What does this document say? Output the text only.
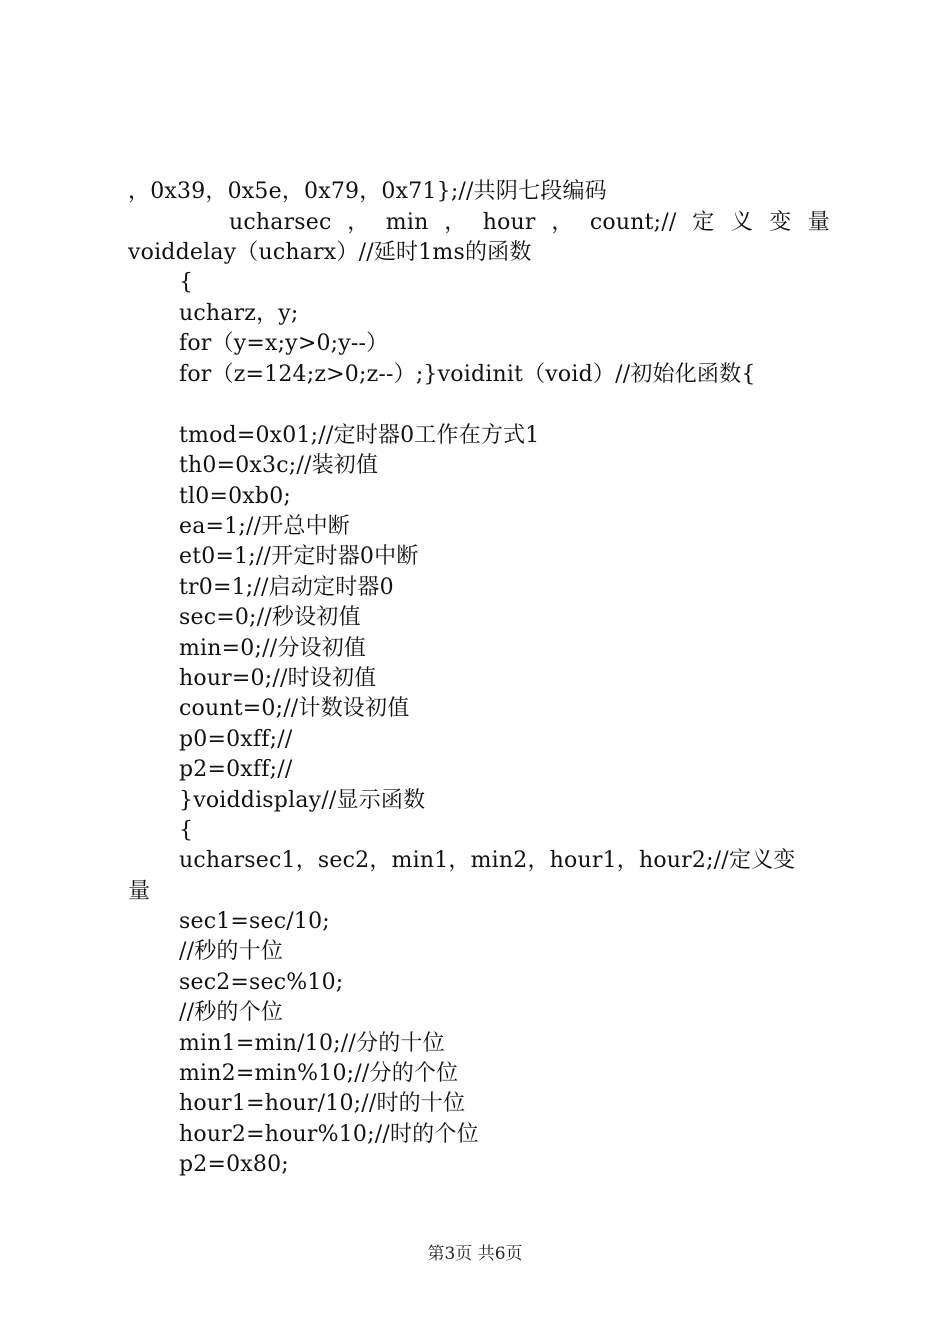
，0x39，0x5e，0x79，0x71};//共阴七段编码
ucharsec ， min ， hour ， count;// 定 义 变 量
voiddelay（ucharx）//延时1ms的函数
{
ucharz，y;
for（y=x;y>0;y--）
for（z=124;z>0;z--）;}voidinit（void）//初始化函数{
tmod=0x01;//定时器0工作在方式1
th0=0x3c;//装初值
tl0=0xb0;
ea=1;//开总中断
et0=1;//开定时器0中断
tr0=1;//启动定时器0
sec=0;//秒设初值
min=0;//分设初值
hour=0;//时设初值
count=0;//计数设初值
p0=0xff;//
p2=0xff;//
}voiddisplay//显示函数
{
ucharsec1，sec2，min1，min2，hour1，hour2;//定义变
量
sec1=sec/10;
//秒的十位
sec2=sec%10;
//秒的个位
min1=min/10;//分的十位
min2=min%10;//分的个位
hour1=hour/10;//时的十位
hour2=hour%10;//时的个位
p2=0x80;
第3页 共6页
